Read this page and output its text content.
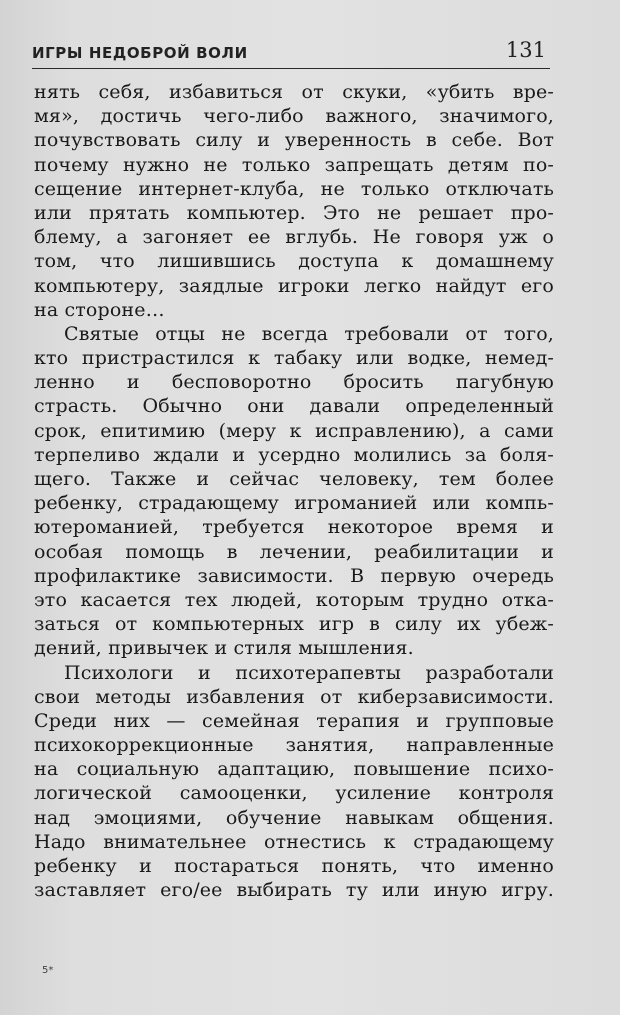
ИГРЫ НЕДОБРОЙ ВОЛИ	131
нять себя, избавиться от скуки, «убить вре-
мя», достичь чего-либо важного, значимого,
почувствовать силу и уверенность в себе. Вот
почему нужно не только запрещать детям по-
сещение интернет-клуба, не только отключать
или прятать компьютер. Это не решает про-
блему, а загоняет ее вглубь. Не говоря уж о
том, что лишившись доступа к домашнему
компьютеру, заядлые игроки легко найдут его
на стороне…
Святые отцы не всегда требовали от того,
кто пристрастился к табаку или водке, немед-
ленно и бесповоротно бросить пагубную
страсть. Обычно они давали определенный
срок, епитимию (меру к исправлению), а сами
терпеливо ждали и усердно молились за боля-
щего. Также и сейчас человеку, тем более
ребенку, страдающему игроманией или компь-
ютероманией, требуется некоторое время и
особая помощь в лечении, реабилитации и
профилактике зависимости. В первую очередь
это касается тех людей, которым трудно отка-
заться от компьютерных игр в силу их убеж-
дений, привычек и стиля мышления.
Психологи и психотерапевты разработали
свои методы избавления от киберзависимости.
Среди них — семейная терапия и групповые
психокоррекционные занятия, направленные
на социальную адаптацию, повышение психо-
логической самооценки, усиление контроля
над эмоциями, обучение навыкам общения.
Надо внимательнее отнестись к страдающему
ребенку и постараться понять, что именно
заставляет его/ее выбирать ту или иную игру.
5*
